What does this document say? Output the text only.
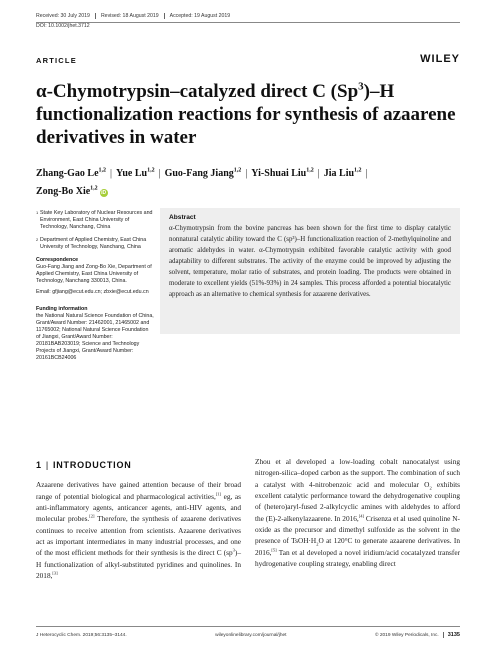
Received: 30 July 2019 Revised: 18 August 2019 Accepted: 19 August 2019
DOI: 10.1002/jhet.3712
ARTICLE	WILEY
α-Chymotrypsin–catalyzed direct C (Sp$^3$)–H
functionalization reactions for synthesis of azaarene
derivatives in water
Zhang-Gao Le$^{1,2}$ | Yue Lu$^{1,2}$ | Guo-Fang Jiang$^{1,2}$ | Yi-Shuai Liu$^{1,2}$ | Jia Liu$^{1,2}$ |
Zong-Bo Xie$^{1,2}$iD
1 State Key Laboratory of Nuclear Resources and Environment, East China University of Technology, Nanchang, China
2 Department of Applied Chemistry, East China University of Technology, Nanchang, China
Correspondence
Guo-Fang Jiang and Zong-Bo Xie, Department of Applied Chemistry, East China University of Technology, Nanchang 330013, China.
Email: gfjiang@ecut.edu.cn; zbxie@ecut.edu.cn
Funding information
the National Natural Science Foundation of China, Grant/Award Number: 21462001, 21465002 and 11765002; National Natural Science Foundation of Jiangxi, Grant/Award Number: 20181BAB203019; Science and Technology Projects of Jiangxi, Grant/Award Number: 20161BCB24006
Abstract

α-Chymotrypsin from the bovine pancreas has been shown for the first time to display catalytic nonnatural catalytic ability toward the C (sp³)–H functionalization reaction of 2-methylquinoline and aromatic aldehydes in water. α-Chymotrypsin exhibited favorable catalytic activity with good adaptability to different substrates. The activity of the enzyme could be improved by adjusting the solvent, temperature, molar ratio of substrates, and protein loading. The products were obtained in moderate to excellent yields (51%-93%) in 24 samples. This process afforded a potential biocatalytic approach as an alternative to chemical synthesis for azaarene derivatives.

1 | INTRODUCTION

Azaarene derivatives have gained attention because of their broad range of potential biological and pharmacological activities,[1] eg, as anti-inflammatory agents, anticancer agents, anti-HIV agents, and molecular probes.[2] Therefore, the synthesis of azaarene derivatives continues to receive attention from scientists. Azaarene derivatives act as important intermediates in many industrial processes, and one of the most efficient methods for their synthesis is the direct C $(sp^3)-H$ functionalization of alkyl-substituted pyridines and quinolines. In 2018,[3]

Zhou et al developed a low-loading cobalt nanocatalyst using nitrogen-silica–doped carbon as the support. The combination of such a catalyst with 4-nitrobenzoic acid and molecular $O_2$ exhibits excellent catalytic performance toward the dehydrogenative coupling of (hetero)aryl-fused 2-alkylcyclic amines with aldehydes to afford the (E)-2-alkenylazaarene. In 2016,[4] Crisenza et al used quinoline N-oxide as the precursor and dimethyl sulfoxide as the solvent in the presence of $TsOH\cdot H_2O$ at 120°C to generate azaarene derivatives. In 2016,[5] Tan et al developed a novel iridium/acid cocatalyzed transfer hydrogenative coupling strategy, enabling direct

J Heterocyclic Chem. 2019;56:3135–3144.	wileyonlinelibrary.com/journal/jhet	© 2019 Wiley Periodicals, Inc. 3135
